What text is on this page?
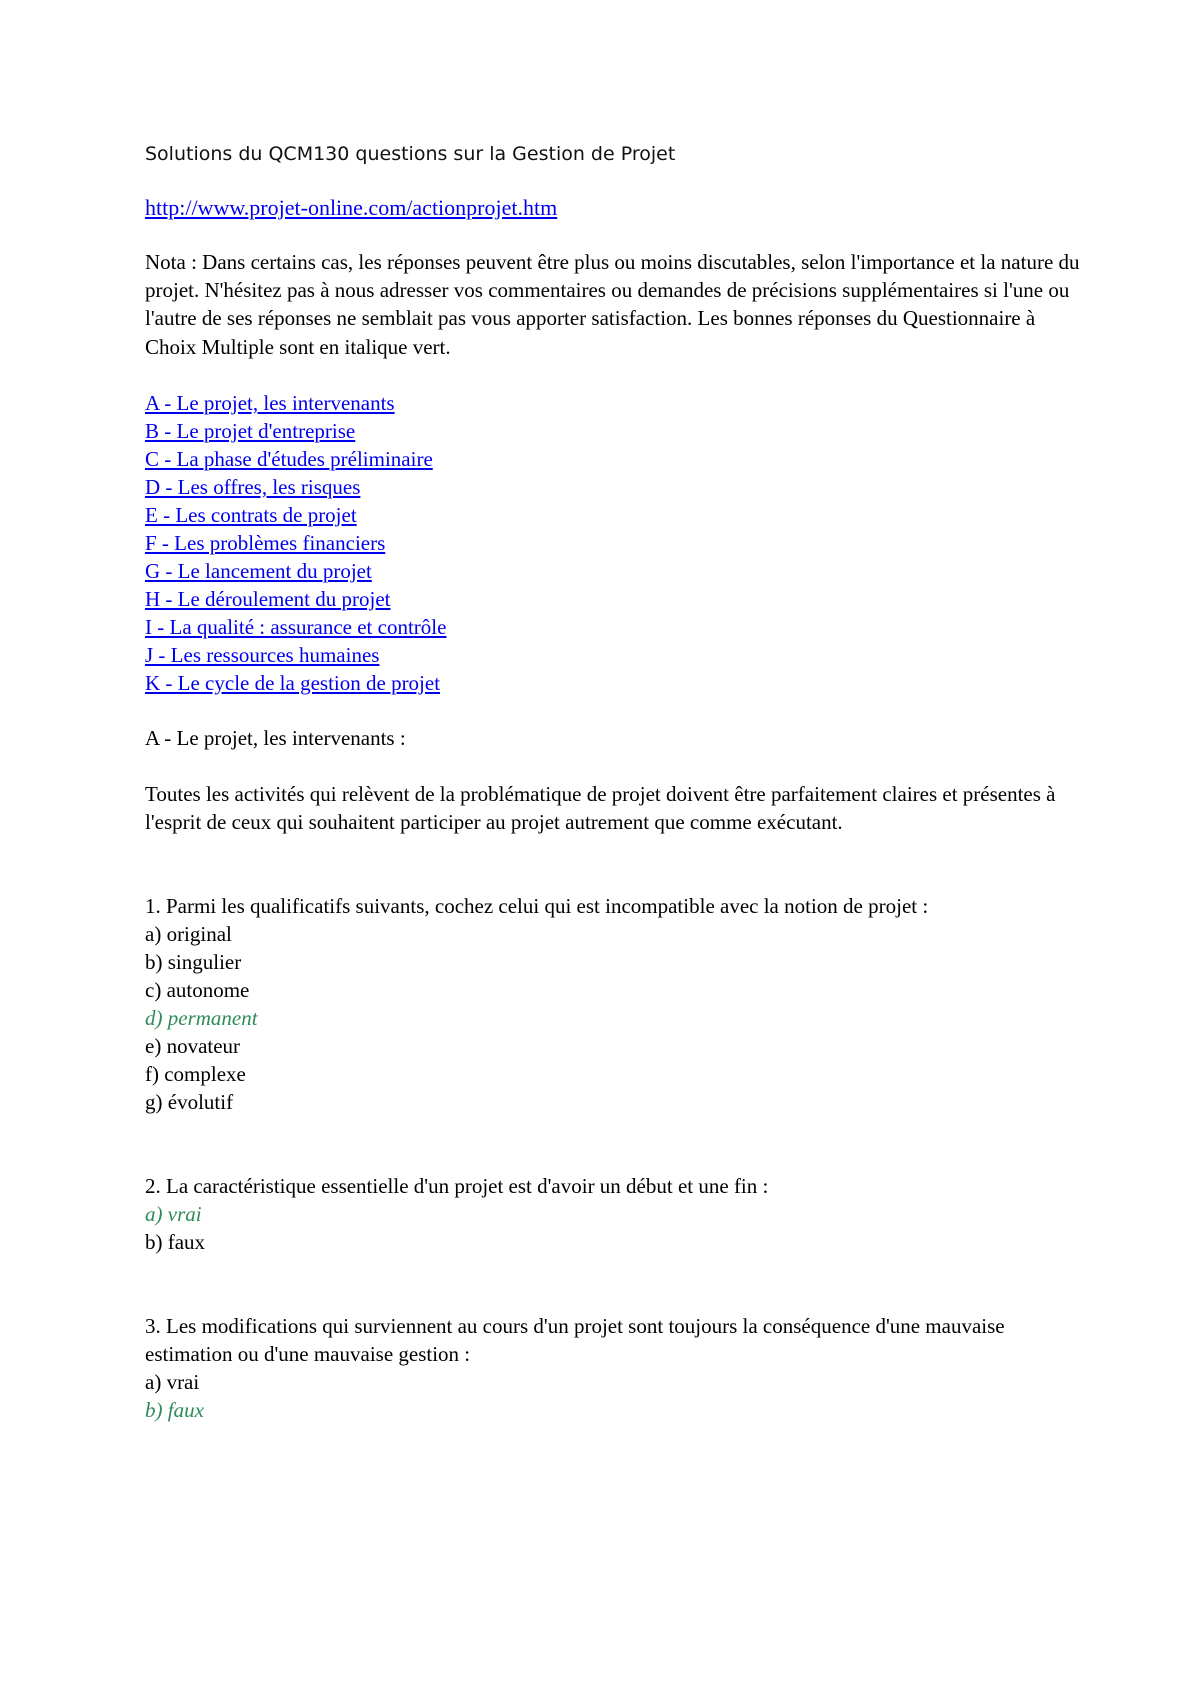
Solutions du QCM130 questions sur la Gestion de Projet

http://www.projet-online.com/actionprojet.htm

Nota : Dans certains cas, les réponses peuvent être plus ou moins discutables, selon l'importance et la nature du projet. N'hésitez pas à nous adresser vos commentaires ou demandes de précisions supplémentaires si l'une ou l'autre de ses réponses ne semblait pas vous apporter satisfaction. Les bonnes réponses du Questionnaire à Choix Multiple sont en italique vert.

A - Le projet, les intervenants
B - Le projet d'entreprise
C - La phase d'études préliminaire
D - Les offres, les risques
E - Les contrats de projet
F - Les problèmes financiers
G - Le lancement du projet
H - Le déroulement du projet
I - La qualité : assurance et contrôle
J - Les ressources humaines
K - Le cycle de la gestion de projet

A - Le projet, les intervenants :

Toutes les activités qui relèvent de la problématique de projet doivent être parfaitement claires et présentes à l'esprit de ceux qui souhaitent participer au projet autrement que comme exécutant.

1. Parmi les qualificatifs suivants, cochez celui qui est incompatible avec la notion de projet :

a) original
b) singulier
c) autonome
d) permanent
e) novateur
f) complexe
g) évolutif

2. La caractéristique essentielle d'un projet est d'avoir un début et une fin :

a) vrai
b) faux

3. Les modifications qui surviennent au cours d'un projet sont toujours la conséquence d'une mauvaise estimation ou d'une mauvaise gestion :

a) vrai
b) faux
